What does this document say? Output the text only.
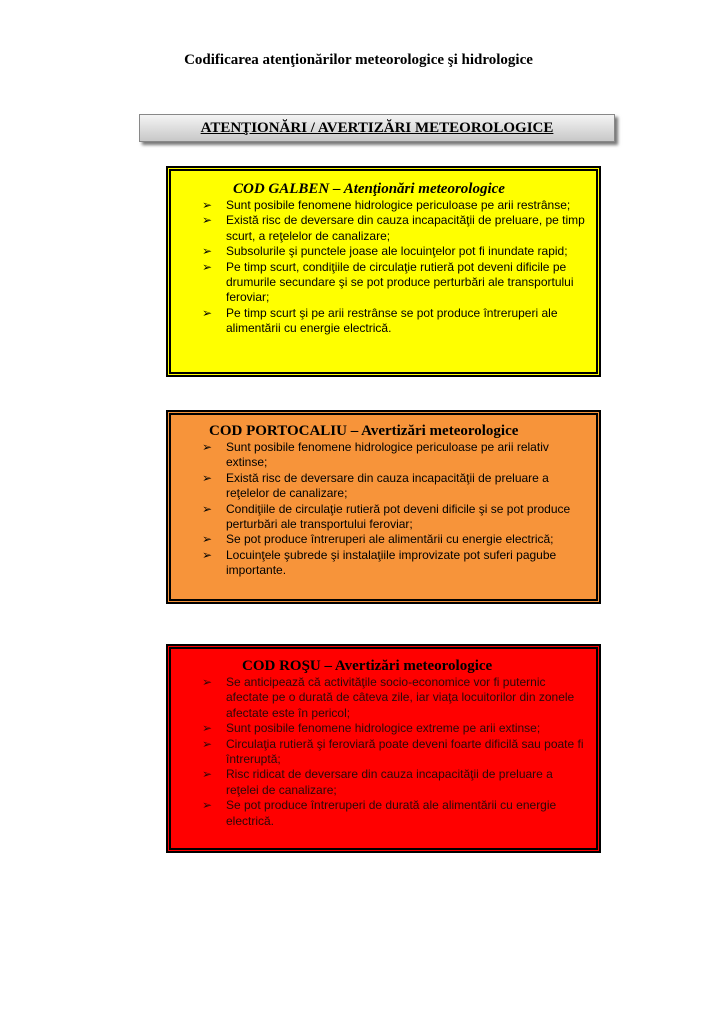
Codificarea atenţionărilor meteorologice şi hidrologice
ATENŢIONĂRI / AVERTIZĂRI METEOROLOGICE
COD GALBEN – Atenţionări meteorologice
➢	Sunt posibile fenomene hidrologice periculoase pe arii restrânse;
➢	Există risc de deversare din cauza incapacităţii de preluare, pe timp scurt, a reţelelor de canalizare;
➢	Subsolurile şi punctele joase ale locuinţelor pot fi inundate rapid;
➢	Pe timp scurt, condiţiile de circulaţie rutieră pot deveni dificile pe drumurile secundare şi se pot produce perturbări ale transportului feroviar;
➢	Pe timp scurt şi pe arii restrânse se pot produce întreruperi ale alimentării cu energie electrică.
COD PORTOCALIU – Avertizări meteorologice
➢	Sunt posibile fenomene hidrologice periculoase pe arii relativ extinse;
➢	Există risc de deversare din cauza incapacităţii de preluare a reţelelor de canalizare;
➢	Condiţiile de circulaţie rutieră pot deveni dificile şi se pot produce perturbări ale transportului feroviar;
➢	Se pot produce întreruperi ale alimentării cu energie electrică;
➢	Locuinţele şubrede şi instalaţiile improvizate pot suferi pagube importante.
COD ROŞU – Avertizări meteorologice
➢	Se anticipează că activităţile socio-economice vor fi puternic afectate pe o durată de câteva zile, iar viaţa locuitorilor din zonele afectate este în pericol;
➢	Sunt posibile fenomene hidrologice extreme pe arii extinse;
➢	Circulaţia rutieră şi feroviară poate deveni foarte dificilă sau poate fi întreruptă;
➢	Risc ridicat de deversare din cauza incapacităţii de preluare a reţelei de canalizare;
➢	Se pot produce întreruperi de durată ale alimentării cu energie electrică.
